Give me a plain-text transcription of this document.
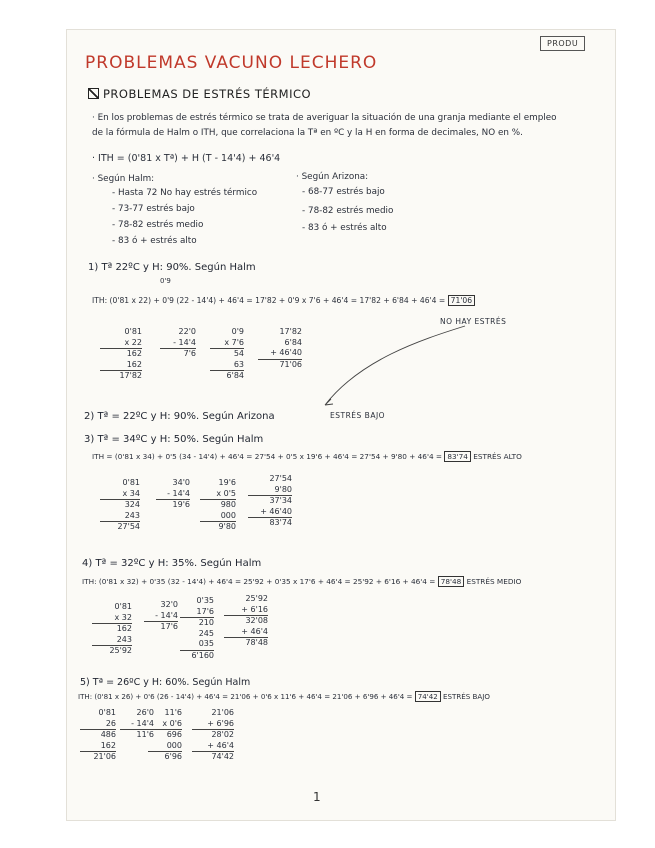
PRODU
PROBLEMAS VACUNO LECHERO
PROBLEMAS DE ESTRÉS TÉRMICO
· En los problemas de estrés térmico se trata de averiguar la situación de una granja mediante el empleo
de la fórmula de Halm o ITH, que correlaciona la Tª en ºC y la H en forma de decimales, NO en %.
· ITH = (0'81 x Tª) + H (T - 14'4) + 46'4
· Según Halm:
- Hasta 72 No hay estrés térmico
- 73-77 estrés bajo
- 78-82 estrés medio
- 83 ó + estrés alto
· Según Arizona:
- 68-77 estrés bajo
- 78-82 estrés medio
- 83 ó + estrés alto
1) Tª 22ºC y H: 90%. Según Halm
0'9
ITH: (0'81 x 22) + 0'9 (22 - 14'4) + 46'4 = 17'82 + 0'9 x 7'6 + 46'4 = 17'82 + 6'84 + 46'4 = 71'06
NO HAY ESTRÉS
0'81

x 22
162

162
17'82
22'0

- 14'4
7'6
0'9

x 7'6
54

63
6'84
17'82
6'84

+ 46'40
71'06
2) Tª = 22ºC y H: 90%. Según Arizona	ESTRÉS BAJO
3) Tª = 34ºC y H: 50%. Según Halm
ITH = (0'81 x 34) + 0'5 (34 - 14'4) + 46'4 = 27'54 + 0'5 x 19'6 + 46'4 = 27'54 + 9'80 + 46'4 = 83'74 ESTRÉS ALTO
0'81

x 34
324

243
27'54
34'0

- 14'4
19'6
19'6

x 0'5
980

000
9'80
27'54

9'80
37'34

+ 46'40
83'74
4) Tª = 32ºC y H: 35%. Según Halm
ITH: (0'81 x 32) + 0'35 (32 - 14'4) + 46'4 = 25'92 + 0'35 x 17'6 + 46'4 = 25'92 + 6'16 + 46'4 = 78'48 ESTRÉS MEDIO
0'81

x 32
162

243
25'92
32'0

- 14'4
17'6
0'35

17'6
210
245

035
6'160
25'92

+ 6'16
32'08

+ 46'4
78'48
5) Tª = 26ºC y H: 60%. Según Halm
ITH: (0'81 x 26) + 0'6 (26 - 14'4) + 46'4 = 21'06 + 0'6 x 11'6 + 46'4 = 21'06 + 6'96 + 46'4 = 74'42 ESTRÉS BAJO
0'81

26
486

162
21'06
26'0

- 14'4
11'6
11'6

x 0'6
696

000
6'96
21'06

+ 6'96
28'02

+ 46'4
74'42
1
